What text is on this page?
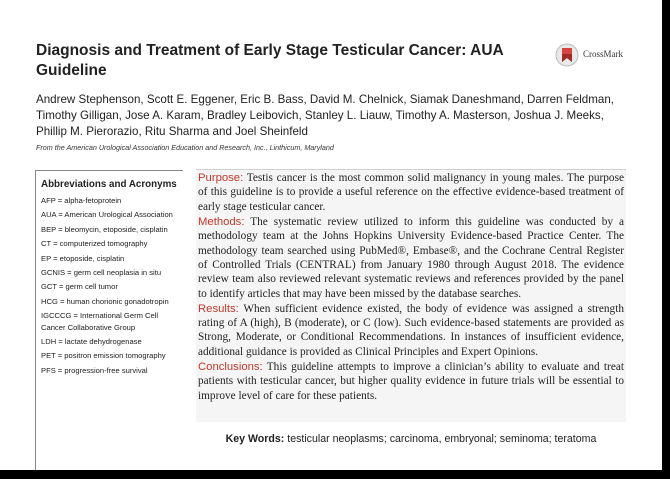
Diagnosis and Treatment of Early Stage Testicular Cancer: AUA Guideline
CrossMark

Andrew Stephenson, Scott E. Eggener, Eric B. Bass, David M. Chelnick, Siamak Daneshmand, Darren Feldman, Timothy Gilligan, Jose A. Karam, Bradley Leibovich, Stanley L. Liauw, Timothy A. Masterson, Joshua J. Meeks, Phillip M. Pierorazio, Ritu Sharma and Joel Sheinfeld

From the American Urological Association Education and Research, Inc., Linthicum, Maryland

Abbreviations and Acronyms
AFP = alpha-fetoprotein
AUA = American Urological Association
BEP = bleomycin, etoposide, cisplatin
CT = computerized tomography
EP = etoposide, cisplatin
GCNIS = germ cell neoplasia in situ
GCT = germ cell tumor
HCG = human chorionic gonadotropin
IGCCCG = International Germ Cell Cancer Collaborative Group
LDH = lactate dehydrogenase
PET = positron emission tomography
PFS = progression-free survival

Purpose: Testis cancer is the most common solid malignancy in young males. The purpose of this guideline is to provide a useful reference on the effective evidence-based treatment of early stage testicular cancer.

Methods: The systematic review utilized to inform this guideline was conducted by a methodology team at the Johns Hopkins University Evidence-based Practice Center. The methodology team searched using PubMed®, Embase®, and the Cochrane Central Register of Controlled Trials (CENTRAL) from January 1980 through August 2018. The evidence review team also reviewed relevant systematic reviews and references provided by the panel to identify articles that may have been missed by the database searches.

Results: When sufficient evidence existed, the body of evidence was assigned a strength rating of A (high), B (moderate), or C (low). Such evidence-based statements are provided as Strong, Moderate, or Conditional Recommendations. In instances of insufficient evidence, additional guidance is provided as Clinical Principles and Expert Opinions.

Conclusions: This guideline attempts to improve a clinician’s ability to evaluate and treat patients with testicular cancer, but higher quality evidence in future trials will be essential to improve level of care for these patients.

Key Words: testicular neoplasms; carcinoma, embryonal; seminoma; teratoma
